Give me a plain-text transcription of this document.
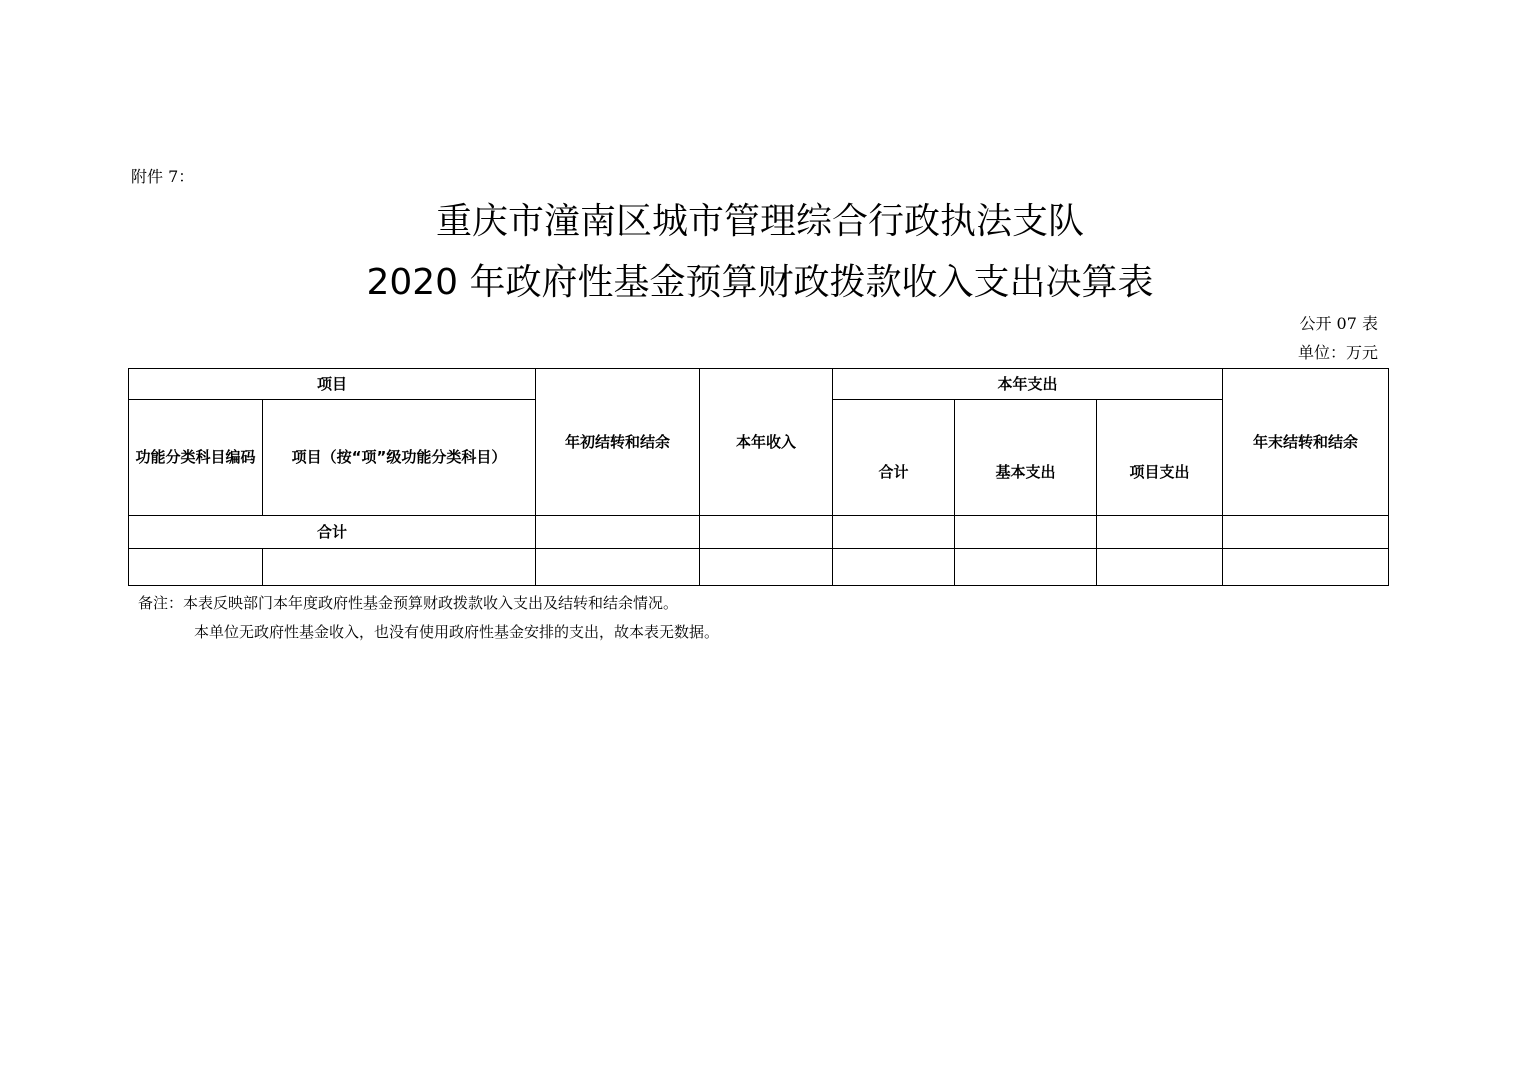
附件 7：
重庆市潼南区城市管理综合行政执法支队
2020 年政府性基金预算财政拨款收入支出决算表
公开 07 表
单位：万元
项目		年初结转和结余	本年收入	本年支出			年末结转和结余
功能分类科目编码	项目（按“项”级功能分类科目）			合计	基本支出	项目支出	
合计							

备注：本表反映部门本年度政府性基金预算财政拨款收入支出及结转和结余情况。
本单位无政府性基金收入，也没有使用政府性基金安排的支出，故本表无数据。
